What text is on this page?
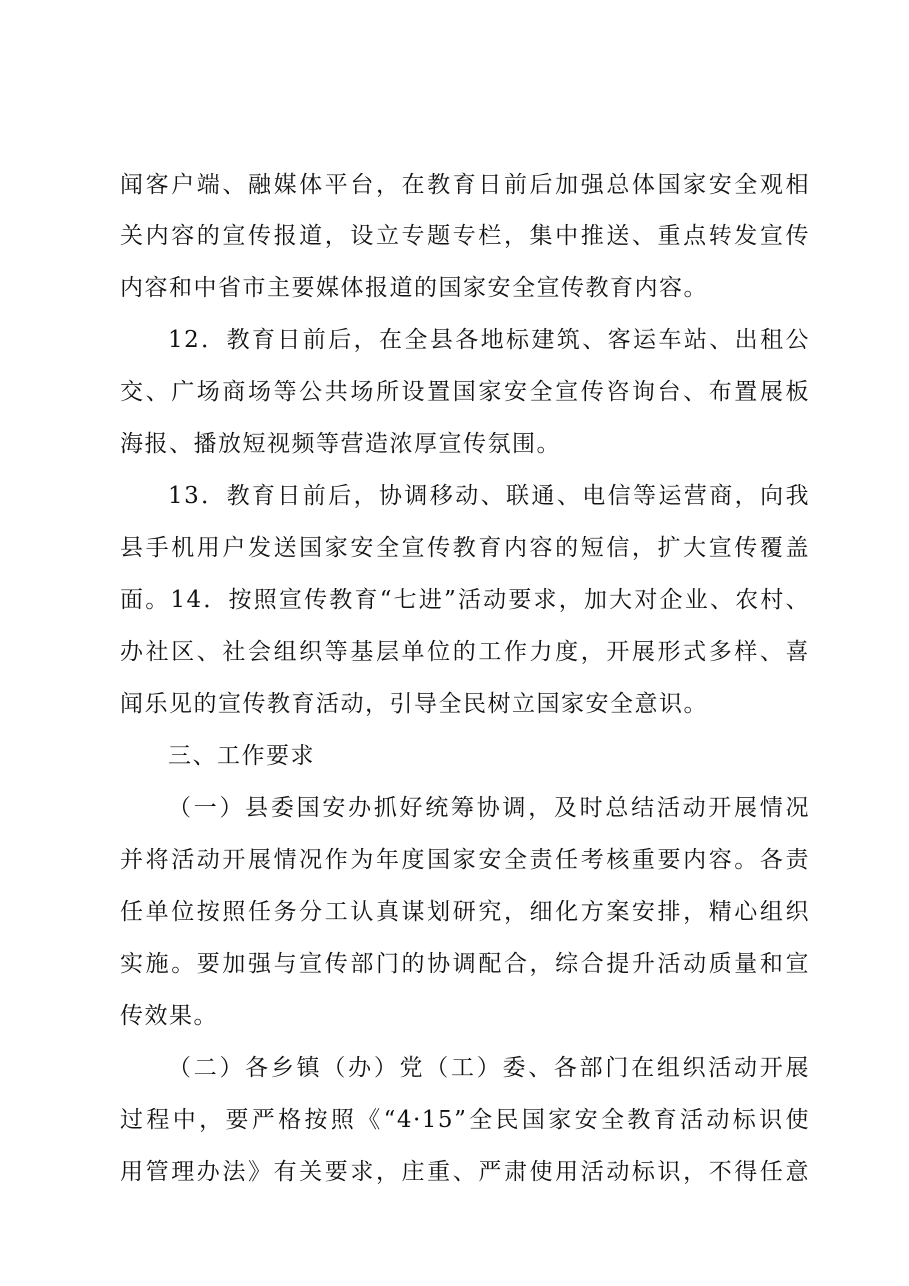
闻客户端、融媒体平台，在教育日前后加强总体国家安全观相
关内容的宣传报道，设立专题专栏，集中推送、重点转发宣传
内容和中省市主要媒体报道的国家安全宣传教育内容。
12．教育日前后，在全县各地标建筑、客运车站、出租公
交、广场商场等公共场所设置国家安全宣传咨询台、布置展板
海报、播放短视频等营造浓厚宣传氛围。
13．教育日前后，协调移动、联通、电信等运营商，向我
县手机用户发送国家安全宣传教育内容的短信，扩大宣传覆盖
面。14．按照宣传教育“七进”活动要求，加大对企业、农村、
办社区、社会组织等基层单位的工作力度，开展形式多样、喜
闻乐见的宣传教育活动，引导全民树立国家安全意识。
三、工作要求
（一）县委国安办抓好统筹协调，及时总结活动开展情况
并将活动开展情况作为年度国家安全责任考核重要内容。各责
任单位按照任务分工认真谋划研究，细化方案安排，精心组织
实施。要加强与宣传部门的协调配合，综合提升活动质量和宣
传效果。
（二）各乡镇（办）党（工）委、各部门在组织活动开展
过程中，要严格按照《“4·15”全民国家安全教育活动标识使
用管理办法》有关要求，庄重、严肃使用活动标识，不得任意
